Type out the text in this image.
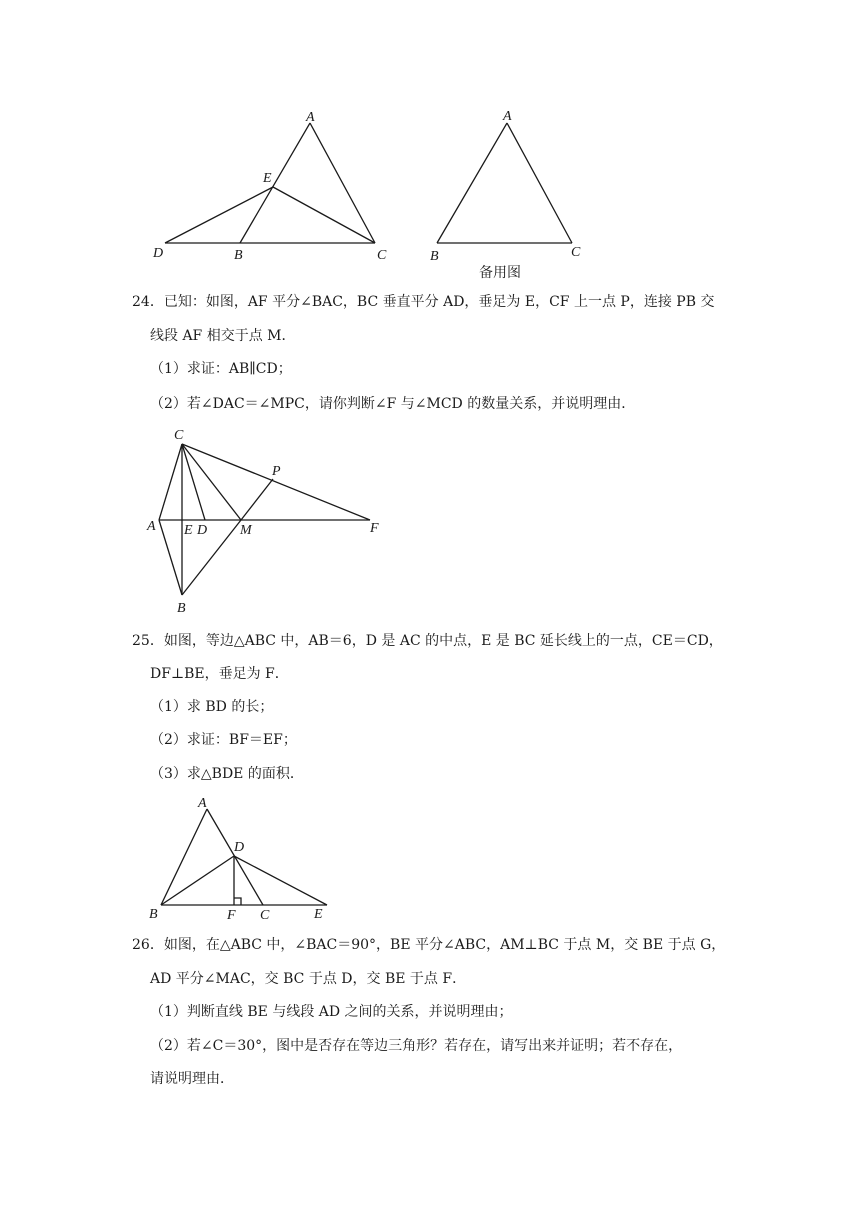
A
E
D	B	C
A
B	C
备用图
24．已知：如图，AF 平分∠BAC，BC 垂直平分 AD，垂足为 E，CF 上一点 P，连接 PB 交
线段 AF 相交于点 M．
（1）求证：AB∥CD；
（2）若∠DAC＝∠MPC，请你判断∠F 与∠MCD 的数量关系，并说明理由．
C
P
A E D M	F
B
25．如图，等边△ABC 中，AB＝6，D 是 AC 的中点，E 是 BC 延长线上的一点，CE＝CD，
DF⊥BE，垂足为 F．
（1）求 BD 的长；
（2）求证：BF＝EF；
（3）求△BDE 的面积．
A
D
B	F C	E
26．如图，在△ABC 中，∠BAC＝90°，BE 平分∠ABC，AM⊥BC 于点 M，交 BE 于点 G，
AD 平分∠MAC，交 BC 于点 D，交 BE 于点 F．
（1）判断直线 BE 与线段 AD 之间的关系，并说明理由；
（2）若∠C＝30°，图中是否存在等边三角形？若存在，请写出来并证明；若不存在，
请说明理由．
